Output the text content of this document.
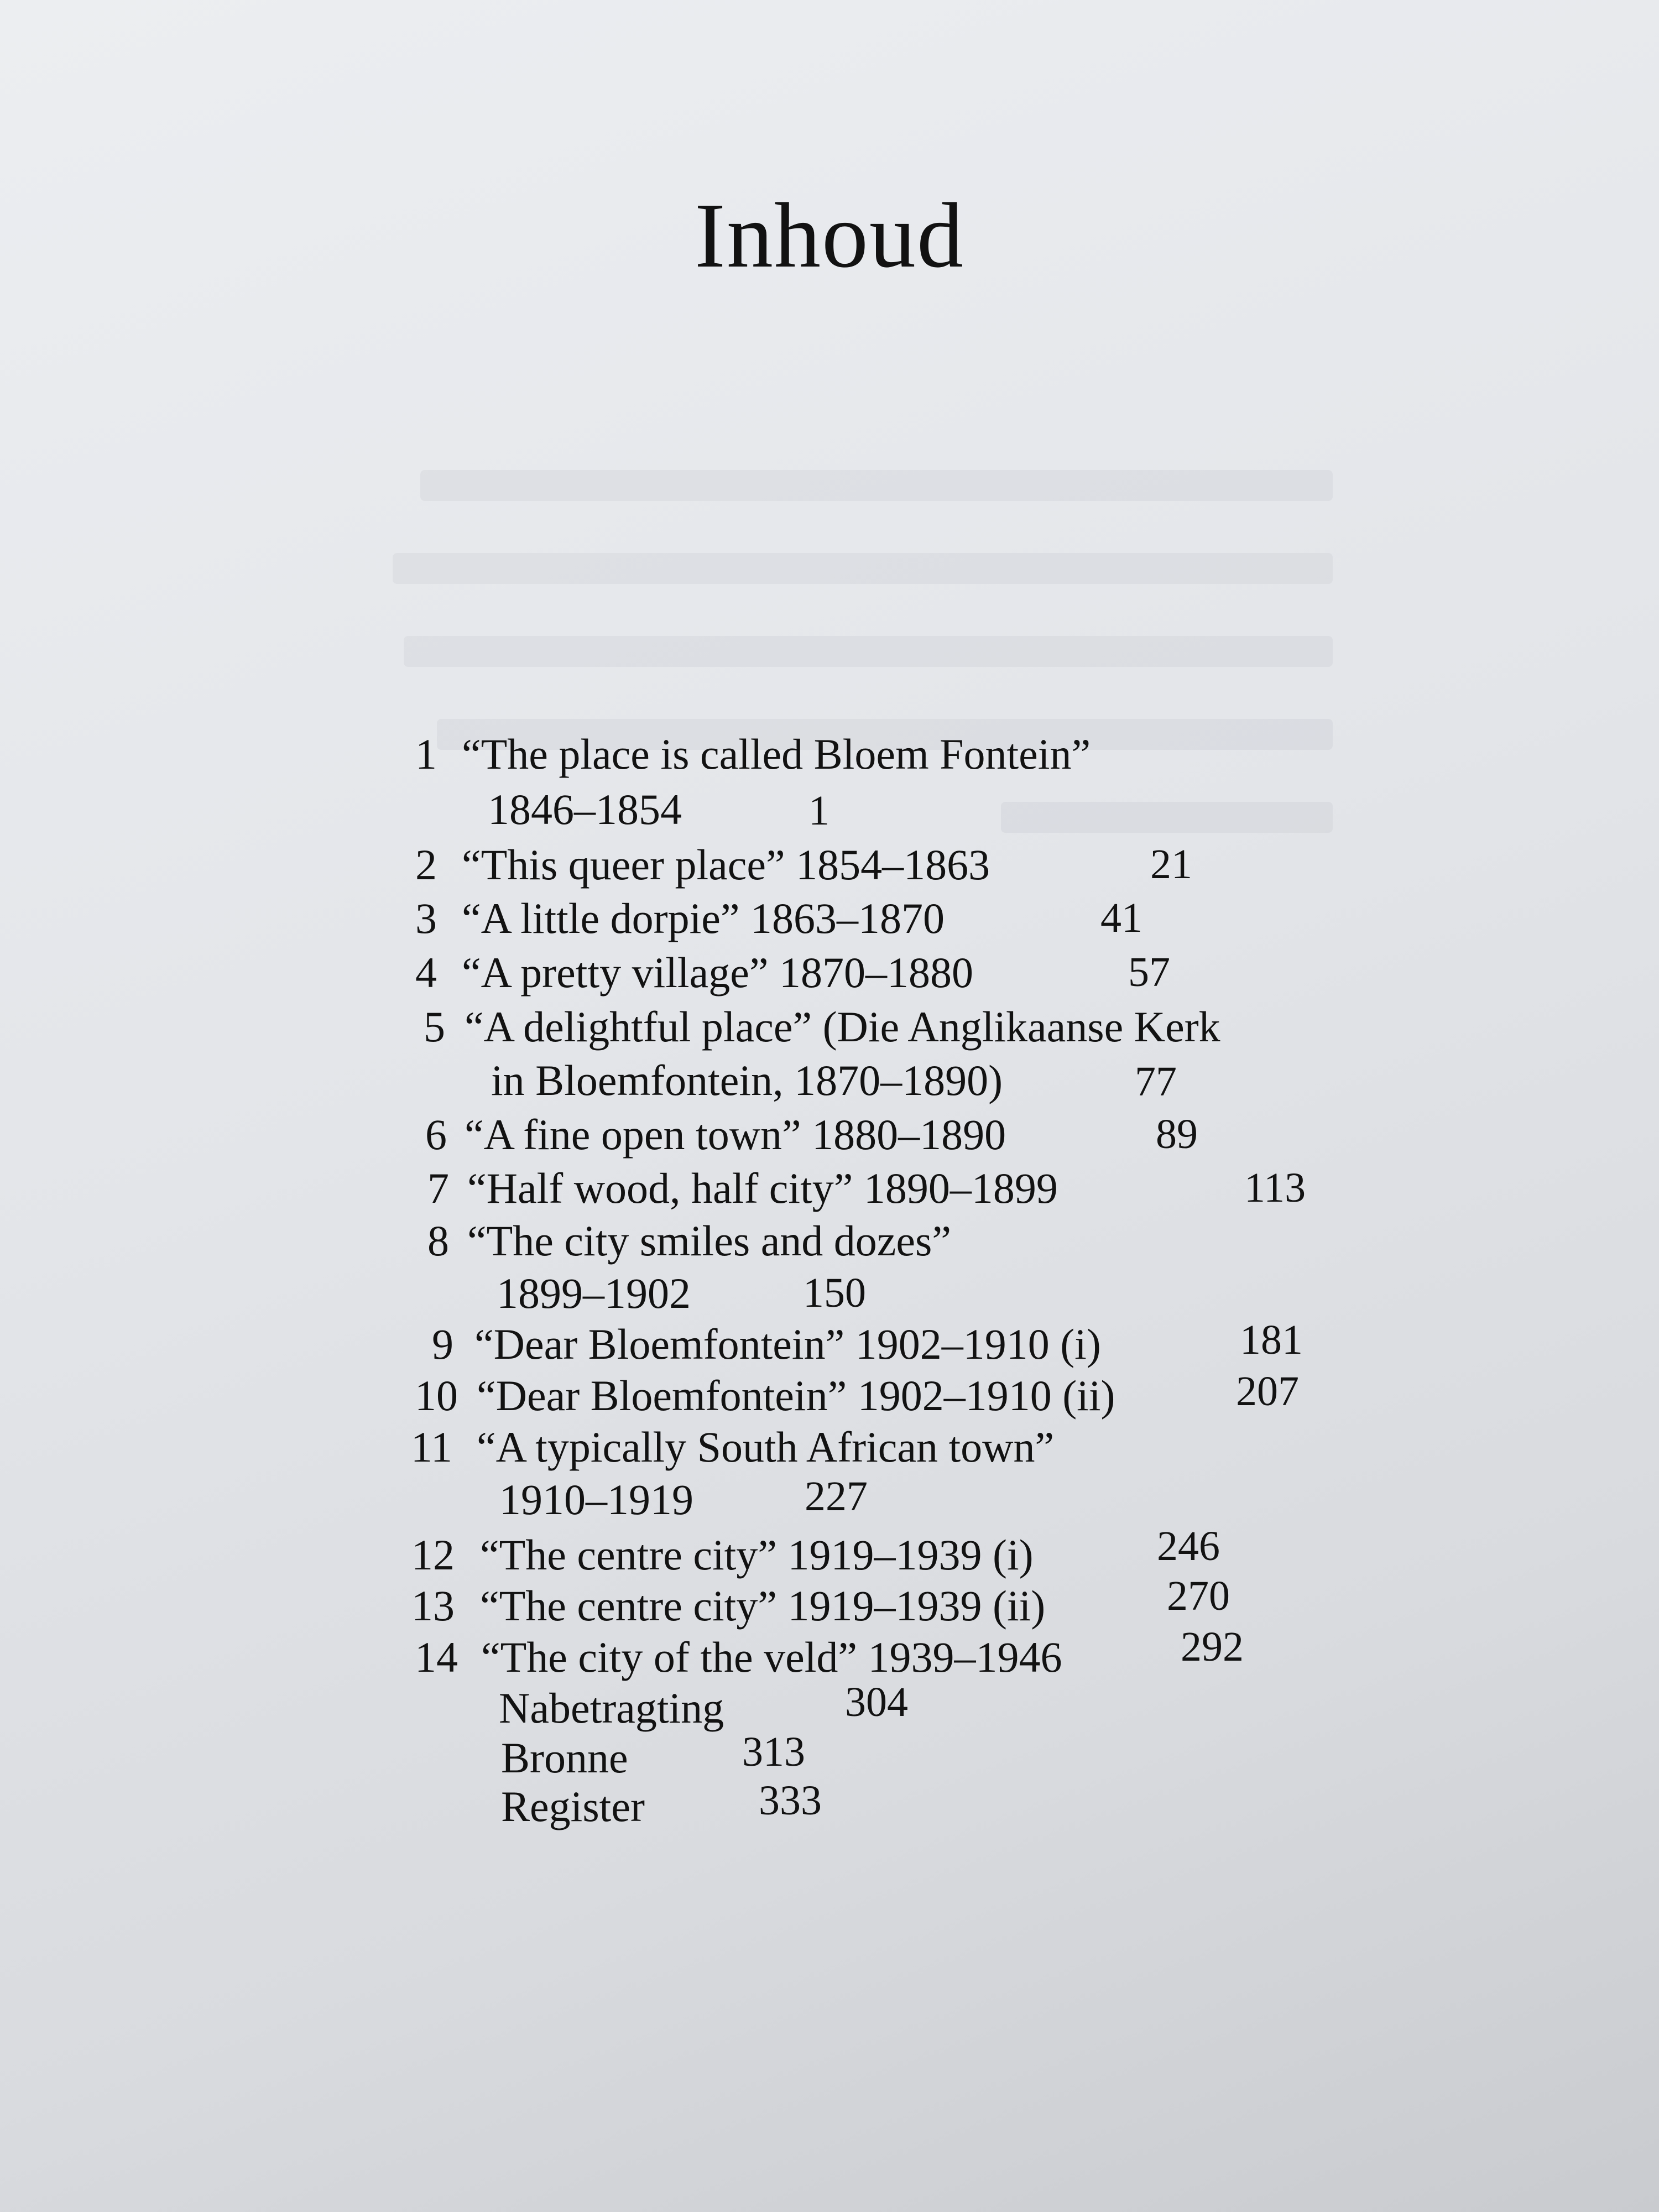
Inhoud
1 “The place is called Bloem Fontein”
1846–1854	1
2 “This queer place” 1854–1863	21
3 “A little dorpie” 1863–1870	41
4 “A pretty village” 1870–1880	57
5 “A delightful place” (Die Anglikaanse Kerk
in Bloemfontein, 1870–1890)	77
6 “A fine open town” 1880–1890	89
7 “Half wood, half city” 1890–1899	113
8 “The city smiles and dozes”
1899–1902	150
9 “Dear Bloemfontein” 1902–1910 (i)	181
10 “Dear Bloemfontein” 1902–1910 (ii)	207
11 “A typically South African town”
1910–1919	227
12 “The centre city” 1919–1939 (i)	246
13 “The centre city” 1919–1939 (ii)	270
14 “The city of the veld” 1939–1946	292
Nabetragting	304
Bronne	313
Register	333
